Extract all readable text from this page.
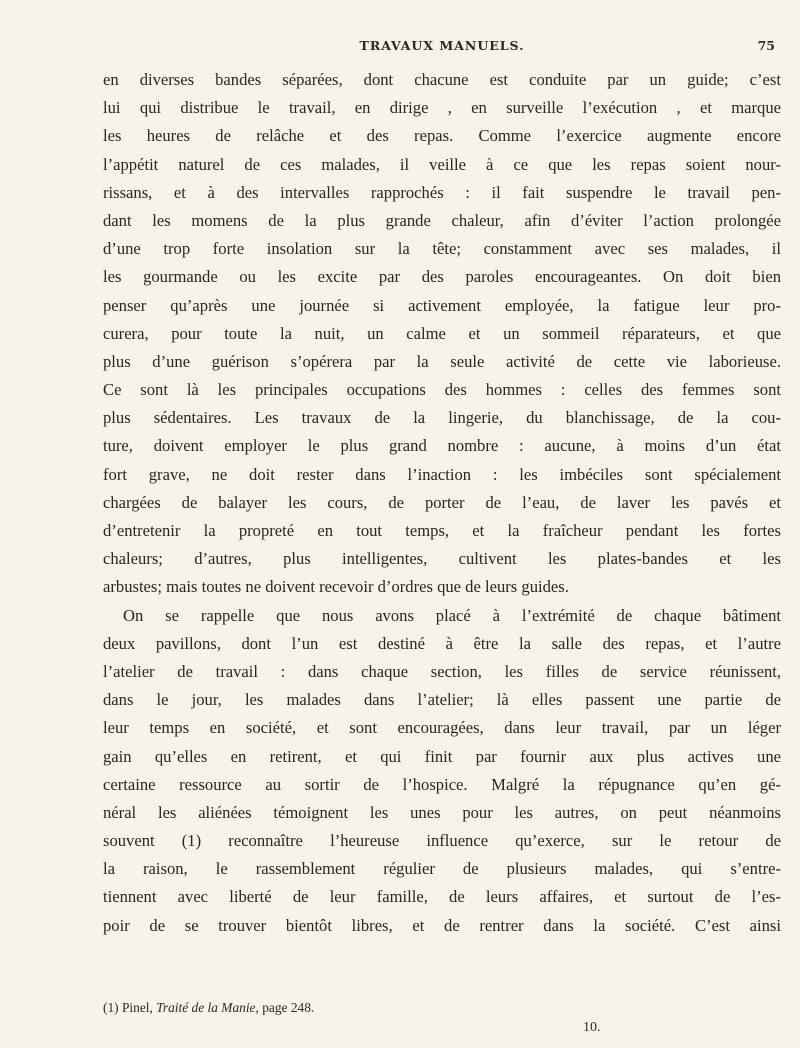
TRAVAUX MANUELS.	75
en diverses bandes séparées, dont chacune est conduite par un guide; c’est
lui qui distribue le travail, en dirige , en surveille l’exécution , et marque
les heures de relâche et des repas. Comme l’exercice augmente encore
l’appétit naturel de ces malades, il veille à ce que les repas soient nour-
rissans, et à des intervalles rapprochés : il fait suspendre le travail pen-
dant les momens de la plus grande chaleur, afin d’éviter l’action prolongée
d’une trop forte insolation sur la tête; constamment avec ses malades, il
les gourmande ou les excite par des paroles encourageantes. On doit bien
penser qu’après une journée si activement employée, la fatigue leur pro-
curera, pour toute la nuit, un calme et un sommeil réparateurs, et que
plus d’une guérison s’opérera par la seule activité de cette vie laborieuse.
Ce sont là les principales occupations des hommes : celles des femmes sont
plus sédentaires. Les travaux de la lingerie, du blanchissage, de la cou-
ture, doivent employer le plus grand nombre : aucune, à moins d’un état
fort grave, ne doit rester dans l’inaction : les imbéciles sont spécialement
chargées de balayer les cours, de porter de l’eau, de laver les pavés et
d’entretenir la propreté en tout temps, et la fraîcheur pendant les fortes
chaleurs; d’autres, plus intelligentes, cultivent les plates-bandes et les
arbustes; mais toutes ne doivent recevoir d’ordres que de leurs guides.
On se rappelle que nous avons placé à l’extrémité de chaque bâtiment
deux pavillons, dont l’un est destiné à être la salle des repas, et l’autre
l’atelier de travail : dans chaque section, les filles de service réunissent,
dans le jour, les malades dans l’atelier; là elles passent une partie de
leur temps en société, et sont encouragées, dans leur travail, par un léger
gain qu’elles en retirent, et qui finit par fournir aux plus actives une
certaine ressource au sortir de l’hospice. Malgré la répugnance qu’en gé-
néral les aliénées témoignent les unes pour les autres, on peut néanmoins
souvent (1) reconnaître l’heureuse influence qu’exerce, sur le retour de
la raison, le rassemblement régulier de plusieurs malades, qui s’entre-
tiennent avec liberté de leur famille, de leurs affaires, et surtout de l’es-
poir de se trouver bientôt libres, et de rentrer dans la société. C’est ainsi
(1) Pinel, Traité de la Manie, page 248.
10.
